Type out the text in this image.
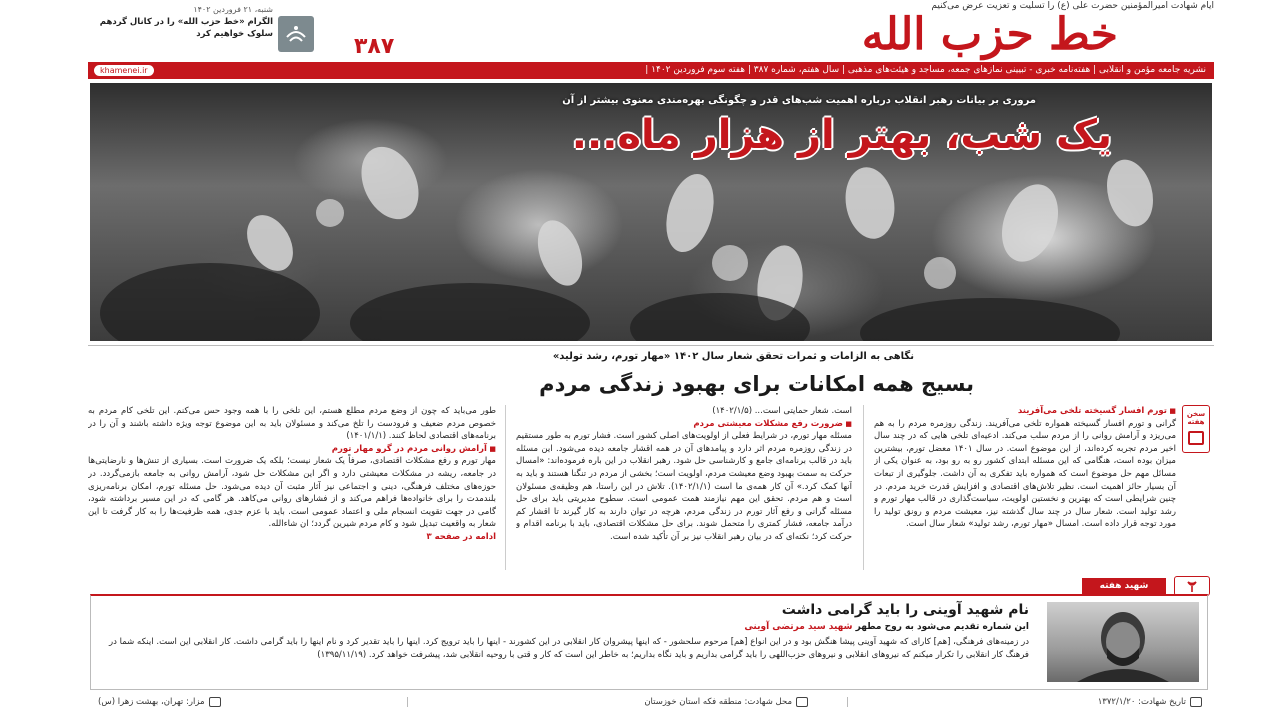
ایام شهادت امیرالمؤمنین حضرت علی (ع) را تسلیت و تعزیت عرض می‌کنیم
خط حزب الله
۳۸۷
شنبه، ۲۱ فروردین ۱۴۰۲
الگرام «خط حزب الله» را در کانال گردهم سلوک خواهیم کرد
نشریه جامعه مؤمن و انقلابی | هفته‌نامه خبری - تبیینی نمازهای جمعه، مساجد و هیئت‌های مذهبی | سال هفتم، شماره ۳۸۷ | هفته سوم فروردین ۱۴۰۲ |
khamenei.ir
مروری بر بیانات رهبر انقلاب درباره اهمیت شب‌های قدر و چگونگی بهره‌مندی معنوی بیشتر از آن
یک شب، بهتر از هزار ماه...
نگاهی به الزامات و ثمرات تحقق شعار سال ۱۴۰۲ «مهار تورم، رشد تولید»
بسیج همه امکانات برای بهبود زندگی مردم
سخن هفته

■ تورم افسار گسیخته تلخی می‌آفریند

گرانی و تورم افسار گسیخته همواره تلخی می‌آفریند. زندگی روزمره مردم را به هم می‌ریزد و آرامش روانی را از مردم سلب می‌کند. ادعیه‌ای تلخی هایی که در چند سال اخیر مردم تجربه کرده‌اند، از این موضوع است. در سال ۱۴۰۱ معضل تورم، بیشترین میزان بوده است، هنگامی که این مسئله ابتدای کشور رو به رو بود، به عنوان یکی از مسائل مهم حل موضوع است که همواره باید تفکری به آن داشت. جلوگیری از تبعات آن بسیار حائز اهمیت است. نظیر تلاش‌های اقتصادی و افزایش قدرت خرید مردم. در چنین شرایطی است که بهترین و نخستین اولویت، سیاست‌گذاری در قالب مهار تورم و رشد تولید است. شعار سال در چند سال گذشته نیز، معیشت مردم و رونق تولید را مورد توجه قرار داده است. امسال «مهار تورم، رشد تولید» شعار سال است.

است. شعار حمایتی است... (۱۴۰۲/۱/۵)

■ ضرورت رفع مشکلات معیشتی مردم

مسئله مهار تورم، در شرایط فعلی از اولویت‌های اصلی کشور است. فشار تورم به طور مستقیم در زندگی روزمره مردم اثر دارد و پیامدهای آن در همه اقشار جامعه دیده می‌شود. این مسئله باید در قالب برنامه‌ای جامع و کارشناسی حل شود. رهبر انقلاب در این باره فرموده‌اند: «امسال حرکت به سمت بهبود وضع معیشت مردم، اولویت است؛ بخشی از مردم در تنگنا هستند و باید به آنها کمک کرد.» آن کار همه‌ی ما است (۱۴۰۲/۱/۱). تلاش در این راستا، هم وظیفه‌ی مسئولان است و هم مردم. تحقق این مهم نیازمند همت عمومی است. سطوح مدیریتی باید برای حل مسئله گرانی و رفع آثار تورم در زندگی مردم، هرچه در توان دارند به کار گیرند تا اقشار کم درآمد جامعه، فشار کمتری را متحمل شوند. برای حل مشکلات اقتصادی، باید با برنامه اقدام و حرکت کرد؛ نکته‌ای که در بیان رهبر انقلاب نیز بر آن تأکید شده است.

طور می‌باید که چون از وضع مردم مطلع هستم، این تلخی را با همه وجود حس می‌کنم. این تلخی کام مردم به خصوص مردم ضعیف و فرودست را تلخ می‌کند و مسئولان باید به این موضوع توجه ویژه داشته باشند و آن را در برنامه‌های اقتصادی لحاظ کنند. (۱۴۰۱/۱/۱)

■ آرامش روانی مردم در گرو مهار تورم

مهار تورم و رفع مشکلات اقتصادی، صرفاً یک شعار نیست؛ بلکه یک ضرورت است. بسیاری از تنش‌ها و نارضایتی‌ها در جامعه، ریشه در مشکلات معیشتی دارد و اگر این مشکلات حل شود، آرامش روانی به جامعه بازمی‌گردد. در حوزه‌های مختلف فرهنگی، دینی و اجتماعی نیز آثار مثبت آن دیده می‌شود. حل مسئله تورم، امکان برنامه‌ریزی بلندمدت را برای خانواده‌ها فراهم می‌کند و از فشارهای روانی می‌کاهد. هر گامی که در این مسیر برداشته شود، گامی در جهت تقویت انسجام ملی و اعتماد عمومی است. باید با عزم جدی، همه ظرفیت‌ها را به کار گرفت تا این شعار به واقعیت تبدیل شود و کام مردم شیرین گردد؛ ان شاءالله.

ادامه در صفحه ۳

شهید هفته
نام شهید آوینی را باید گرامی داشت
این شماره تقدیم می‌شود به روح مطهر شهید سید مرتضی آوینی
در زمینه‌های فرهنگی، [هم] کارای که شهید آوینی پیشا هنگش بود و در این انواع [هم] مرحوم سلحشور - که اینها پیشروان کار انقلابی در این کشورند - اینها را باید ترویج کرد. اینها را باید تقدیر کرد و نام اینها را باید گرامی داشت. کار انقلابی این است. اینکه شما در فرهنگ کار انقلابی را تکرار میکنم که نیروهای انقلابی و نیروهای حزب‌اللهی را باید گرامی بداریم و باید نگاه بداریم؛ به خاطر این است که کار و قتی با روحیه انقلابی شد، پیشرفت خواهد کرد. (۱۳۹۵/۱۱/۱۹)
تاریخ شهادت: ۱۳۷۲/۱/۲۰
محل شهادت: منطقه فکه استان خوزستان
مزار: تهران، بهشت زهرا (س)
